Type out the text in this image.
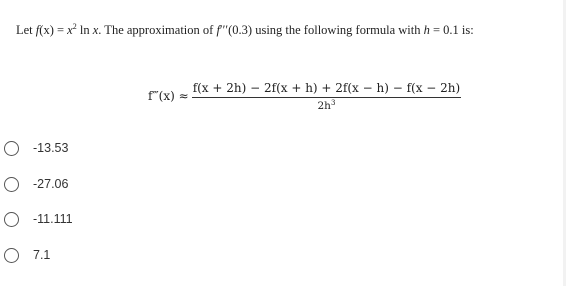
Let $f(x) = x^2$ ln x. The approximation of f′′′(0.3) using the following formula with h = 0.1 is:
f‴(x) ≈ $\frac{f(x + 2h) - 2f(x + h) + 2f(x - h) - f(x - 2h)}{2h^3}$
-13.53
-27.06
-11.111
7.1
